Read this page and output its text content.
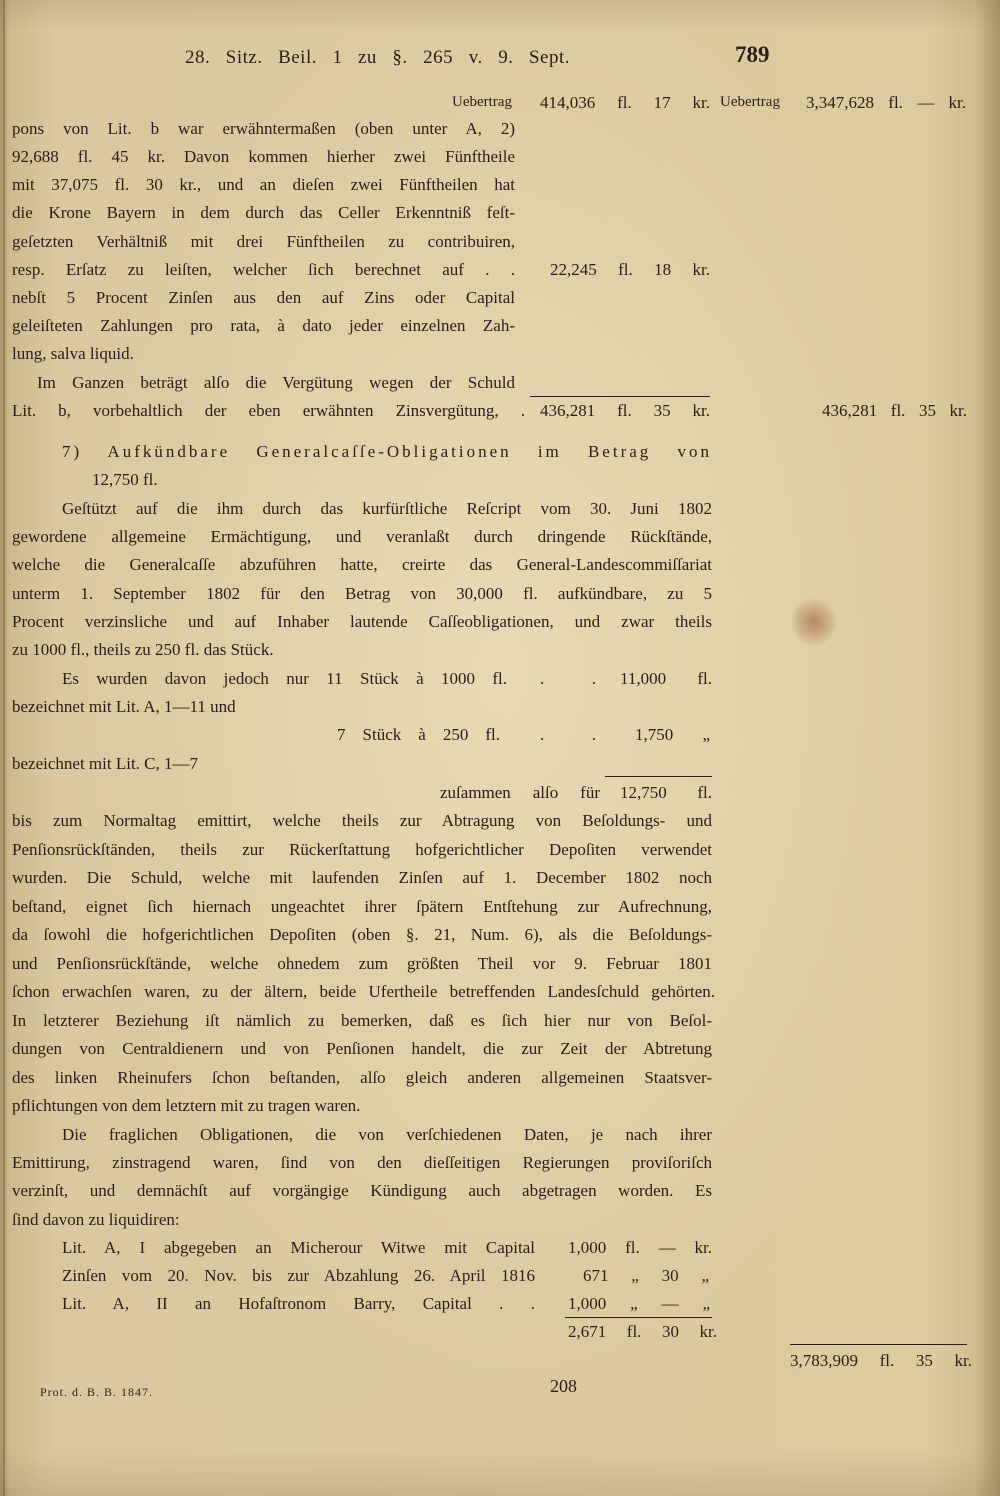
28. Sitz. Beil. 1 zu §. 265 v. 9. Sept.	789
Uebertrag 414,036 fl. 17 kr. Uebertrag 3,347,628 fl. — kr.
pons von Lit. b war erwähntermaßen (oben unter A, 2)
92,688 fl. 45 kr. Davon kommen hierher zwei Fünftheile
mit 37,075 fl. 30 kr., und an dieſen zwei Fünftheilen hat
die Krone Bayern in dem durch das Celler Erkenntniß feſt-
geſetzten Verhältniß mit drei Fünftheilen zu contribuiren,
resp. Erſatz zu leiſten, welcher ſich berechnet auf . . 22,245 fl. 18 kr.
nebſt 5 Procent Zinſen aus den auf Zins oder Capital
geleiſteten Zahlungen pro rata, à dato jeder einzelnen Zah-
lung, salva liquid.
Im Ganzen beträgt alſo die Vergütung wegen der Schuld
Lit. b, vorbehaltlich der eben erwähnten Zinsvergütung, . 436,281 fl. 35 kr.	436,281 fl. 35 kr.
7) Aufkündbare Generalcaſſe-Obligationen im Betrag von
12,750 fl.
Geſtützt auf die ihm durch das kurfürſtliche Reſcript vom 30. Juni 1802
gewordene allgemeine Ermächtigung, und veranlaßt durch dringende Rückſtände,
welche die Generalcaſſe abzuführen hatte, creirte das General-Landescommiſſariat
unterm 1. September 1802 für den Betrag von 30,000 fl. aufkündbare, zu 5
Procent verzinsliche und auf Inhaber lautende Caſſeobligationen, und zwar theils
zu 1000 fl., theils zu 250 fl. das Stück.
Es wurden davon jedoch nur 11 Stück à 1000 fl. . . 11,000 fl.
bezeichnet mit Lit. A, 1—11 und
7 Stück à 250 fl. . . 1,750 „
bezeichnet mit Lit. C, 1—7
zuſammen alſo für 12,750 fl.
bis zum Normaltag emittirt, welche theils zur Abtragung von Beſoldungs- und
Penſionsrückſtänden, theils zur Rückerſtattung hofgerichtlicher Depoſiten verwendet
wurden. Die Schuld, welche mit laufenden Zinſen auf 1. December 1802 noch
beſtand, eignet ſich hiernach ungeachtet ihrer ſpätern Entſtehung zur Aufrechnung,
da ſowohl die hofgerichtlichen Depoſiten (oben §. 21, Num. 6), als die Beſoldungs-
und Penſionsrückſtände, welche ohnedem zum größten Theil vor 9. Februar 1801
ſchon erwachſen waren, zu der ältern, beide Ufertheile betreffenden Landesſchuld gehörten.
In letzterer Beziehung iſt nämlich zu bemerken, daß es ſich hier nur von Beſol-
dungen von Centraldienern und von Penſionen handelt, die zur Zeit der Abtretung
des linken Rheinufers ſchon beſtanden, alſo gleich anderen allgemeinen Staatsver-
pflichtungen von dem letztern mit zu tragen waren.
Die fraglichen Obligationen, die von verſchiedenen Daten, je nach ihrer
Emittirung, zinstragend waren, ſind von den dieſſeitigen Regierungen proviſoriſch
verzinſt, und demnächſt auf vorgängige Kündigung auch abgetragen worden. Es
ſind davon zu liquidiren:
Lit. A, I abgegeben an Micherour Witwe mit Capital 1,000 fl. — kr.
Zinſen vom 20. Nov. bis zur Abzahlung 26. April 1816	671 „ 30 „
Lit. A, II an Hofaſtronom Barry, Capital . . 1,000 „ — „
2,671 fl. 30 kr.
3,783,909 fl. 35 kr.
Prot. d. B. B. 1847.	208
